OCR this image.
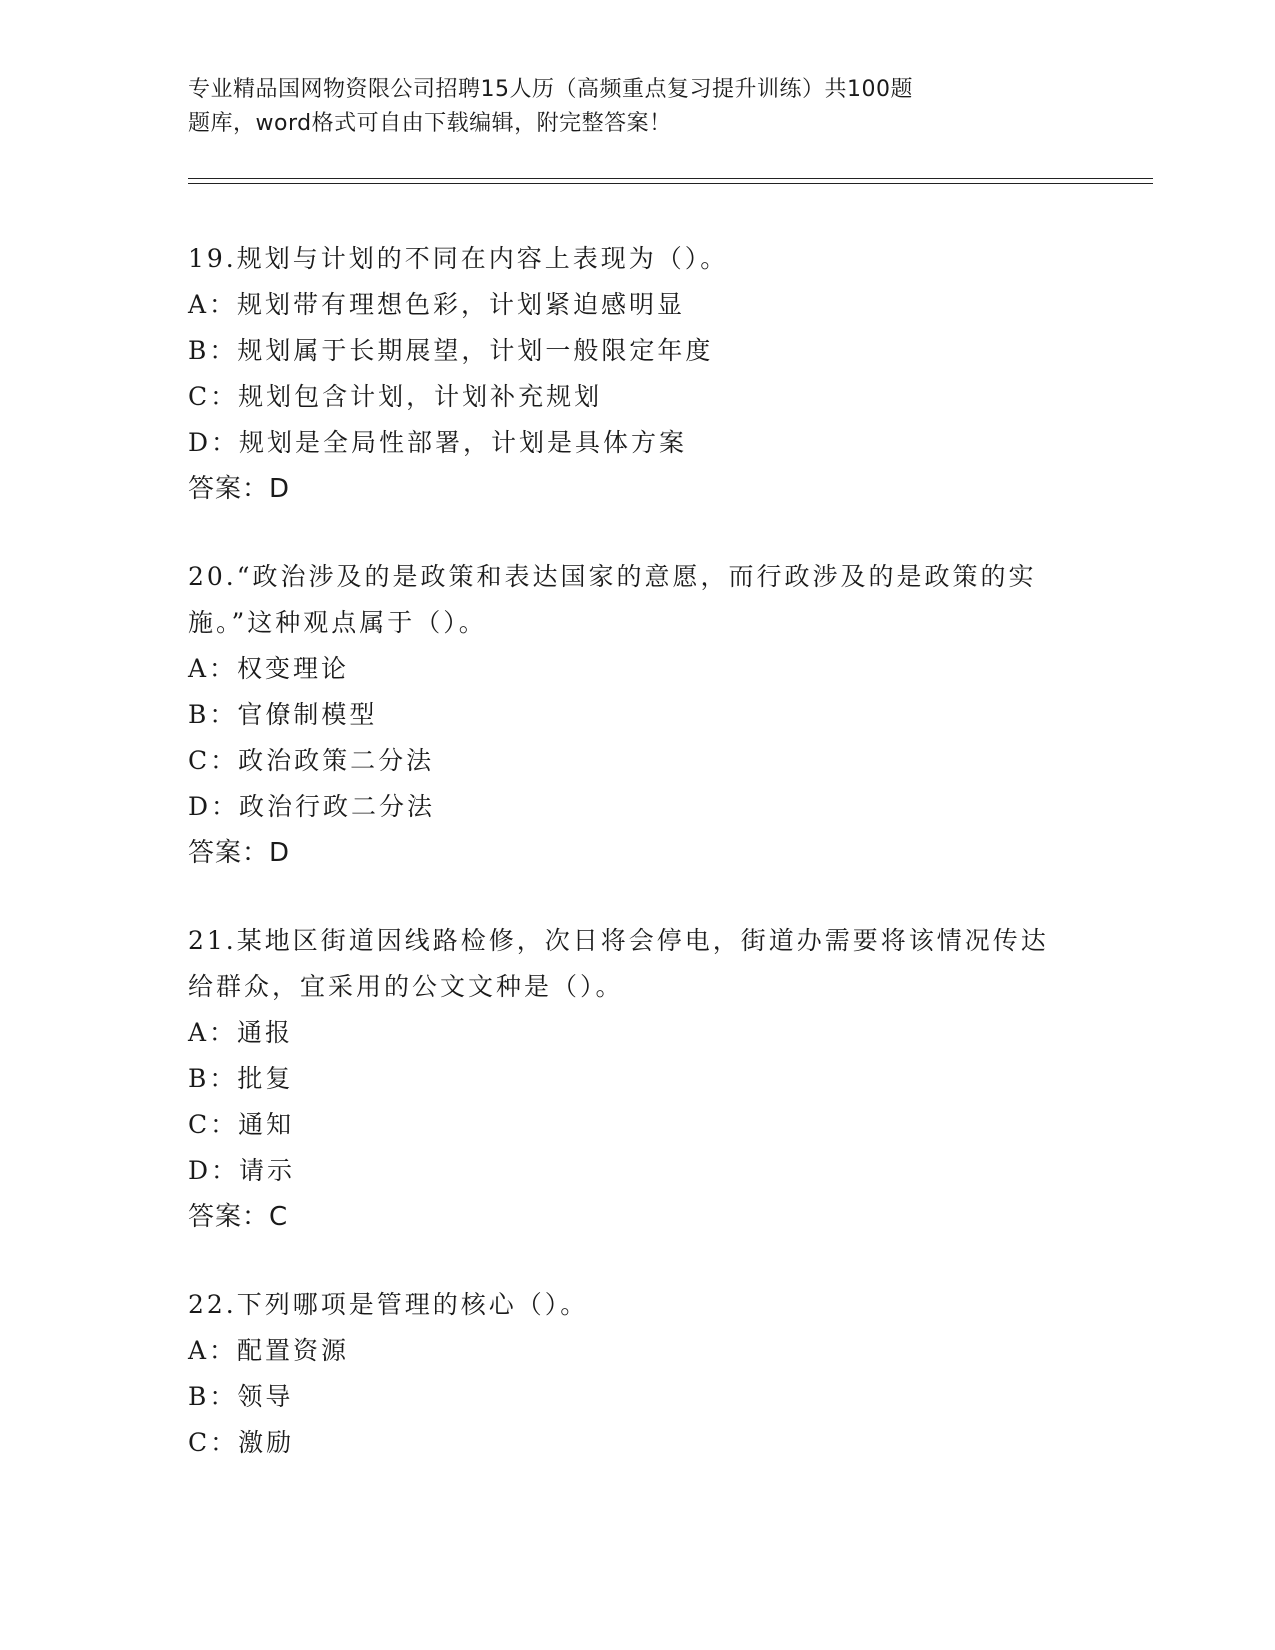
专业精品国网物资限公司招聘15人历（高频重点复习提升训练）共100题
题库，word格式可自由下载编辑，附完整答案！
19.规划与计划的不同在内容上表现为（）。
A：规划带有理想色彩，计划紧迫感明显
B：规划属于长期展望，计划一般限定年度
C：规划包含计划，计划补充规划
D：规划是全局性部署，计划是具体方案
答案：D
20.“政治涉及的是政策和表达国家的意愿，而行政涉及的是政策的实
施。”这种观点属于（）。
A：权变理论
B：官僚制模型
C：政治政策二分法
D：政治行政二分法
答案：D
21.某地区街道因线路检修，次日将会停电，街道办需要将该情况传达
给群众，宜采用的公文文种是（）。
A：通报
B：批复
C：通知
D：请示
答案：C
22.下列哪项是管理的核心（）。
A：配置资源
B：领导
C：激励
